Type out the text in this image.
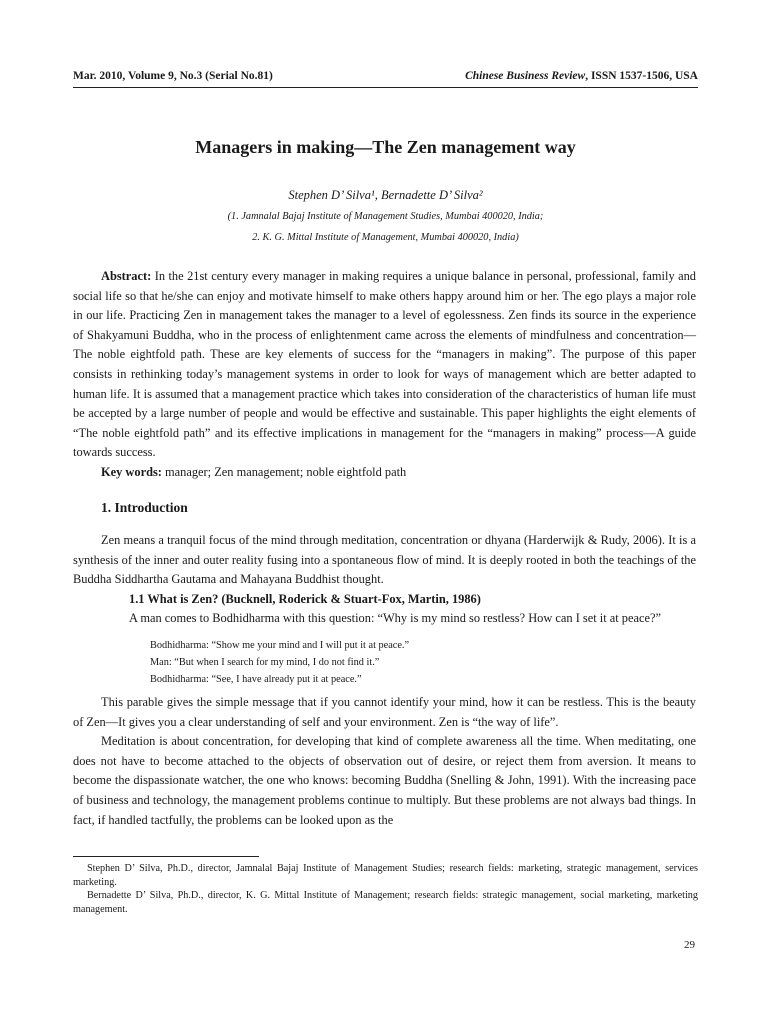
Mar. 2010, Volume 9, No.3 (Serial No.81)	Chinese Business Review, ISSN 1537-1506, USA
Managers in making—The Zen management way
Stephen D’ Silva¹, Bernadette D’ Silva²
(1. Jamnalal Bajaj Institute of Management Studies, Mumbai 400020, India;
2. K. G. Mittal Institute of Management, Mumbai 400020, India)

Abstract: In the 21st century every manager in making requires a unique balance in personal, professional, family and social life so that he/she can enjoy and motivate himself to make others happy around him or her. The ego plays a major role in our life. Practicing Zen in management takes the manager to a level of egolessness. Zen finds its source in the experience of Shakyamuni Buddha, who in the process of enlightenment came across the elements of mindfulness and concentration—The noble eightfold path. These are key elements of success for the “managers in making”. The purpose of this paper consists in rethinking today’s management systems in order to look for ways of management which are better adapted to human life. It is assumed that a management practice which takes into consideration of the characteristics of human life must be accepted by a large number of people and would be effective and sustainable. This paper highlights the eight elements of “The noble eightfold path” and its effective implications in management for the “managers in making” process—A guide towards success.

Key words: manager; Zen management; noble eightfold path

1. Introduction

Zen means a tranquil focus of the mind through meditation, concentration or dhyana (Harderwijk & Rudy, 2006). It is a synthesis of the inner and outer reality fusing into a spontaneous flow of mind. It is deeply rooted in both the teachings of the Buddha Siddhartha Gautama and Mahayana Buddhist thought.

1.1 What is Zen? (Bucknell, Roderick & Stuart-Fox, Martin, 1986)

A man comes to Bodhidharma with this question: “Why is my mind so restless? How can I set it at peace?”

Bodhidharma: “Show me your mind and I will put it at peace.”
Man: “But when I search for my mind, I do not find it.”
Bodhidharma: “See, I have already put it at peace.”

This parable gives the simple message that if you cannot identify your mind, how it can be restless. This is the beauty of Zen—It gives you a clear understanding of self and your environment. Zen is “the way of life”.

Meditation is about concentration, for developing that kind of complete awareness all the time. When meditating, one does not have to become attached to the objects of observation out of desire, or reject them from aversion. It means to become the dispassionate watcher, the one who knows: becoming Buddha (Snelling & John, 1991). With the increasing pace of business and technology, the management problems continue to multiply. But these problems are not always bad things. In fact, if handled tactfully, the problems can be looked upon as the

Stephen D’ Silva, Ph.D., director, Jamnalal Bajaj Institute of Management Studies; research fields: marketing, strategic management, services marketing.

Bernadette D’ Silva, Ph.D., director, K. G. Mittal Institute of Management; research fields: strategic management, social marketing, marketing management.

29
